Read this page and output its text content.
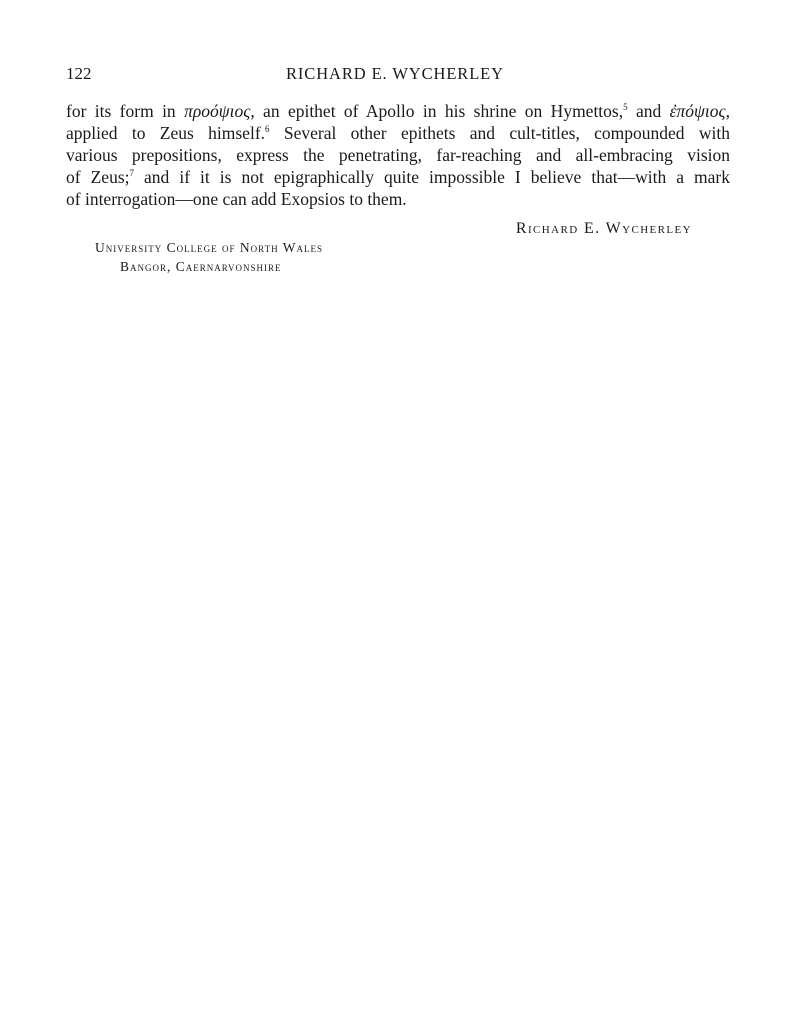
122	RICHARD E. WYCHERLEY
for its form in προόψιος, an epithet of Apollo in his shrine on Hymettos,$^5$ and ἐπόψιος,
applied to Zeus himself.$^6$ Several other epithets and cult-titles, compounded with
various prepositions, express the penetrating, far-reaching and all-embracing vision
of Zeus;$^7$ and if it is not epigraphically quite impossible I believe that—with a mark
of interrogation—one can add Exopsios to them.
Richard E. Wycherley
University College of North Wales
Bangor, Caernarvonshire
